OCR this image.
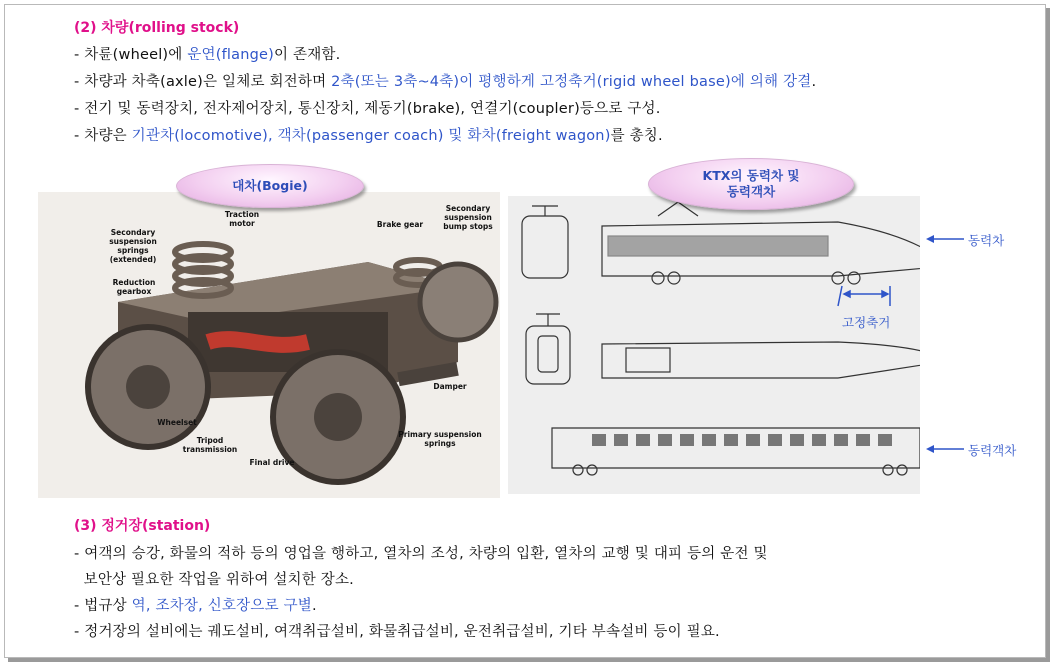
(2) 차량(rolling stock)
- 차륜(wheel)에 운연(flange)이 존재함.
- 차량과 차축(axle)은 일체로 회전하며 2축(또는 3축~4축)이 평행하게 고정축거(rigid wheel base)에 의해 강결.
- 전기 및 동력장치, 전자제어장치, 통신장치, 제동기(brake), 연결기(coupler)등으로 구성.
- 차량은 기관차(locomotive), 객차(passenger coach) 및 화차(freight wagon)를 총칭.
Secondary suspension springs (extended)
Traction motor	Brake gear
Secondary suspension bump stops
Reduction gearbox
Damper
Wheelset
Tripod transmission
Primary suspension springs
Final drive
대차(Bogie)
KTX의 동력차 및
동력객차
동력차
고정축거
동력객차
(3) 정거장(station)
- 여객의 승강, 화물의 적하 등의 영업을 행하고, 열차의 조성, 차량의 입환, 열차의 교행 및 대피 등의 운전 및
보안상 필요한 작업을 위하여 설치한 장소.
- 법규상 역, 조차장, 신호장으로 구별.
- 정거장의 설비에는 궤도설비, 여객취급설비, 화물취급설비, 운전취급설비, 기타 부속설비 등이 필요.
